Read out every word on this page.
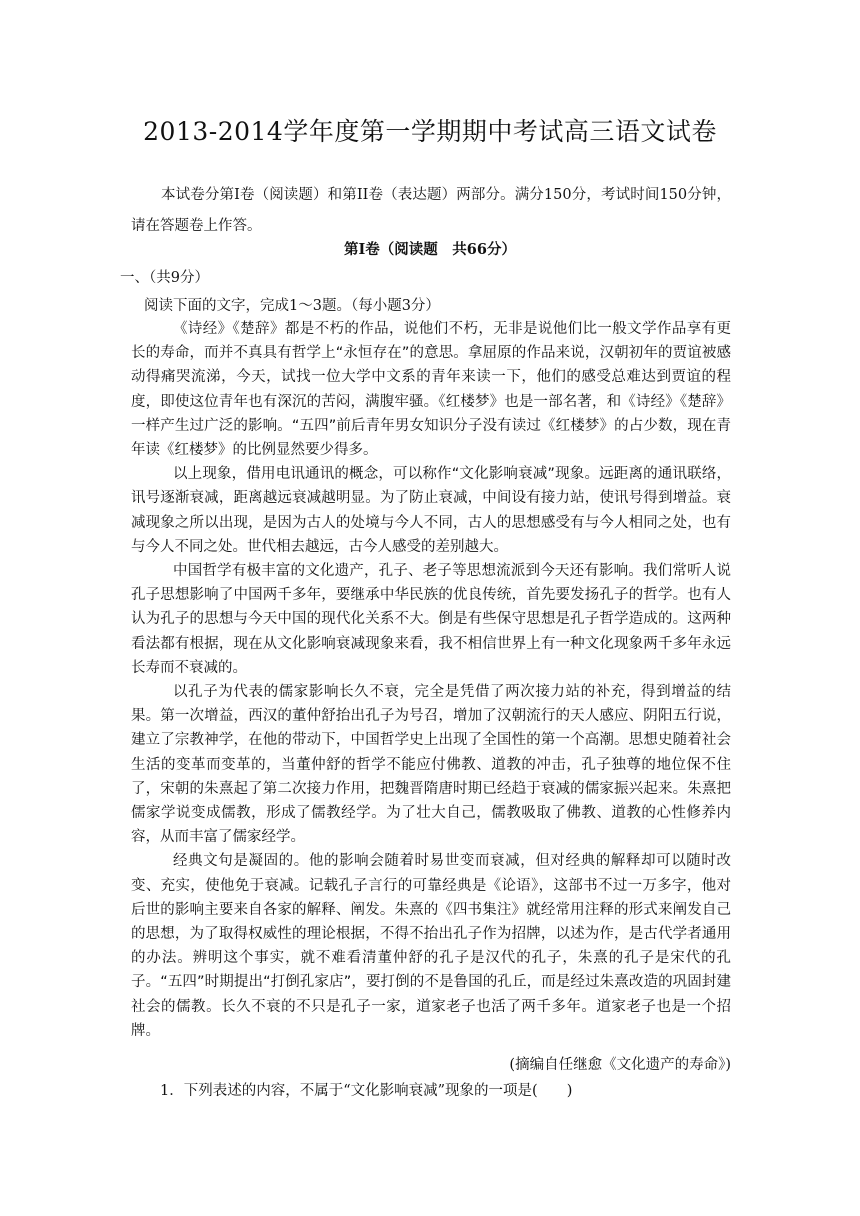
2013-2014学年度第一学期期中考试高三语文试卷
本试卷分第Ⅰ卷（阅读题）和第II卷（表达题）两部分。满分150分，考试时间150分钟，请在答题卷上作答。
第Ⅰ卷（阅读题　共66分）
一、（共9分）
阅读下面的文字，完成1～3题。（每小题3分）

《诗经》《楚辞》都是不朽的作品，说他们不朽，无非是说他们比一般文学作品享有更长的寿命，而并不真具有哲学上“永恒存在”的意思。拿屈原的作品来说，汉朝初年的贾谊被感动得痛哭流涕，今天，试找一位大学中文系的青年来读一下，他们的感受总难达到贾谊的程度，即使这位青年也有深沉的苦闷，满腹牢骚。《红楼梦》也是一部名著，和《诗经》《楚辞》一样产生过广泛的影响。“五四”前后青年男女知识分子没有读过《红楼梦》的占少数，现在青年读《红楼梦》的比例显然要少得多。

以上现象，借用电讯通讯的概念，可以称作“文化影响衰减”现象。远距离的通讯联络，讯号逐渐衰减，距离越远衰减越明显。为了防止衰减，中间设有接力站，使讯号得到增益。衰减现象之所以出现，是因为古人的处境与今人不同，古人的思想感受有与今人相同之处，也有与今人不同之处。世代相去越远，古今人感受的差别越大。

中国哲学有极丰富的文化遗产，孔子、老子等思想流派到今天还有影响。我们常听人说孔子思想影响了中国两千多年，要继承中华民族的优良传统，首先要发扬孔子的哲学。也有人认为孔子的思想与今天中国的现代化关系不大。倒是有些保守思想是孔子哲学造成的。这两种看法都有根据，现在从文化影响衰减现象来看，我不相信世界上有一种文化现象两千多年永远长寿而不衰减的。

以孔子为代表的儒家影响长久不衰，完全是凭借了两次接力站的补充，得到增益的结果。第一次增益，西汉的董仲舒抬出孔子为号召，增加了汉朝流行的天人感应、阴阳五行说，建立了宗教神学，在他的带动下，中国哲学史上出现了全国性的第一个高潮。思想史随着社会生活的变革而变革的，当董仲舒的哲学不能应付佛教、道教的冲击，孔子独尊的地位保不住了，宋朝的朱熹起了第二次接力作用，把魏晋隋唐时期已经趋于衰减的儒家振兴起来。朱熹把儒家学说变成儒教，形成了儒教经学。为了壮大自己，儒教吸取了佛教、道教的心性修养内容，从而丰富了儒家经学。

经典文句是凝固的。他的影响会随着时易世变而衰减，但对经典的解释却可以随时改变、充实，使他免于衰减。记载孔子言行的可靠经典是《论语》，这部书不过一万多字，他对后世的影响主要来自各家的解释、阐发。朱熹的《四书集注》就经常用注释的形式来阐发自己的思想，为了取得权威性的理论根据，不得不抬出孔子作为招牌，以述为作，是古代学者通用的办法。辨明这个事实，就不难看清董仲舒的孔子是汉代的孔子，朱熹的孔子是宋代的孔子。“五四”时期提出“打倒孔家店”，要打倒的不是鲁国的孔丘，而是经过朱熹改造的巩固封建社会的儒教。长久不衰的不只是孔子一家，道家老子也活了两千多年。道家老子也是一个招牌。

(摘编自任继愈《文化遗产的寿命》)
1．下列表述的内容，不属于“文化影响衰减”现象的一项是(　　)
